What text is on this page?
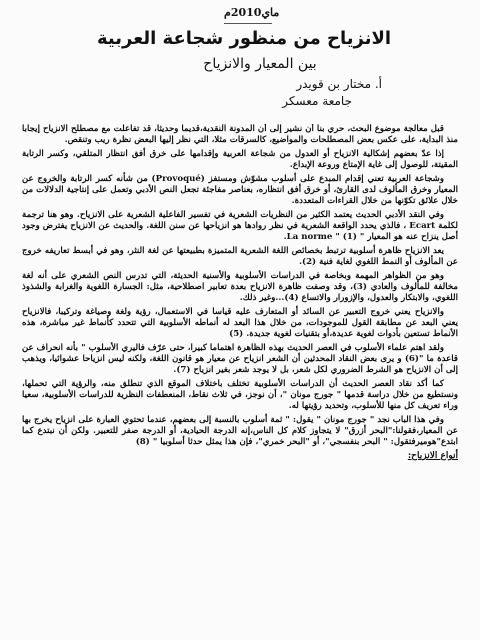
ماي2010م
الانزياح من منظور شجاعة العربية
بين المعيار والانزياح
أ. مختار بن قويدر
جامعة معسكر

قبل معالجة موضوع البحث، حري بنا أن نشير إلى أن المدونة النقدية،قديما وحديثا، قد تفاعلت مع مصطلح الانزياح إيجابا منذ البداية، على عكس بعض المصطلحات والمواضيع، كالسرقات مثلا، التي نظر إليها البعض نظرة ريب وتنقص.

إذا عدّ بعضهم إشكالية الانزياح أو العدول من شجاعة العربية وإقدامها على خرق أفق انتظار المتلقي، وكسر الرتابة المقيتة، للوصول إلى غاية الإمتاع وروعة الإبداع.

وشجاعة العربية تعني إقدام المبدع على أسلوب مشوّش ومستفز (Provoqué) من شأنه كسر الرتابة والخروج عن المعيار وخرق المألوف لدى القارئ، أو خرق أفق انتظاره، بعناصر مفاجئة تجعل النص الأدبي وتعمل على إنتاجية الدلالات من خلال علائق تكوّنها من خلال القراءات المتعددة.

وفي النقد الأدبي الحديث يعتمد الكثير من النظريات الشعرية في تفسير الفاعلية الشعرية على الانزياح. وهو هنا ترجمة لكلمة Ecart ، فالذي يحدد الواقعة الشعرية في نظر روادها هو انزياحها عن سنن اللغة. والحديث عن الانزياح يفترض وجود أصل ينزاح عنه هو المعيار " La norme " (1).

يعد الانزياح ظاهرة أسلوبية ترتبط بخصائص اللغة الشعرية المتميزة بطبيعتها عن لغة النثر، وهو في أبسط تعاريفه خروج عن المألوف أو النمط اللغوي لغاية فنية (2).

وهو من الظواهر المهمة وبخاصة في الدراسات الأسلوبية والأسنية الحديثة، التي تدرس النص الشعري على أنه لغة مخالفة للمألوف والعادي (3)، وقد وصفت ظاهرة الانزياح بعدة تعابير اصطلاحية، مثل: الجسارة اللغوية والغرابة والشذوذ اللغوي، والابتكار والعدول، والإزورار والاتساع (4)...وغير ذلك.

والانزياح يعني خروج التعبير عن السائد أو المتعارف عليه قياسا في الاستعمال، رؤية ولغة وصياغة وتركيبا، فالانزياح يعني البعد عن مطابقة القول للموجودات، من خلال هذا البعد له أنماطه الأسلوبية التي تتحدد كأنماط غير مباشرة، هذه الأنماط تستعين بأدوات لغوية عديدة،أو بتقنيات لغوية جديدة. (5)

ولقد اهتم علماء الأسلوب في العصر الحديث بهذه الظاهرة اهتماما كبيرا، حتى عرّف فاليري الأسلوب " بأنه انحراف عن قاعدة ما "(6) و يرى بعض النقاد المحدثين أن الشعر انزياح عن معيار هو قانون اللغة، ولكنه ليس انزياحا عشوائيا، ويذهب إلى أن الانزياح هو الشرط الضروري لكل شعر، بل لا يوجد شعر بغير انزياح (7).

كما أكد نقاد العصر الحديث أن الدراسات الأسلوبية تختلف باختلاف الموقع الذي تنطلق منه، والرؤية التي تحملها، ونستطيع من خلال دراسة قدمها " جورج مونان "، أن نوجز، في ثلاث نقاط، المنعطفات النظرية للدراسات الأسلوبية، سعيا وراء تعريف كل منها للأسلوب، وتحديد رؤيتها له.

وفي هذا الباب نجد " جورج مونان " يقول: " ثمة أسلوب بالنسبة إلى بعضهم، عندما تحتوي العبارة على انزياح يخرج بها عن المعيار،فقولنا:"البحر أزرق" لا يتجاوز كلام كل الناس،إنه الدرجة الحيادية، أو الدرجة صفر للتعبير. ولكن أن نبتدع كما ابتدع"هوميرفتقول: " البحر بنفسجي"، أو "البحر خمري"، فإن هذا يمثل حدثا أسلوبيا " (8)

أنواع الانزياح:
